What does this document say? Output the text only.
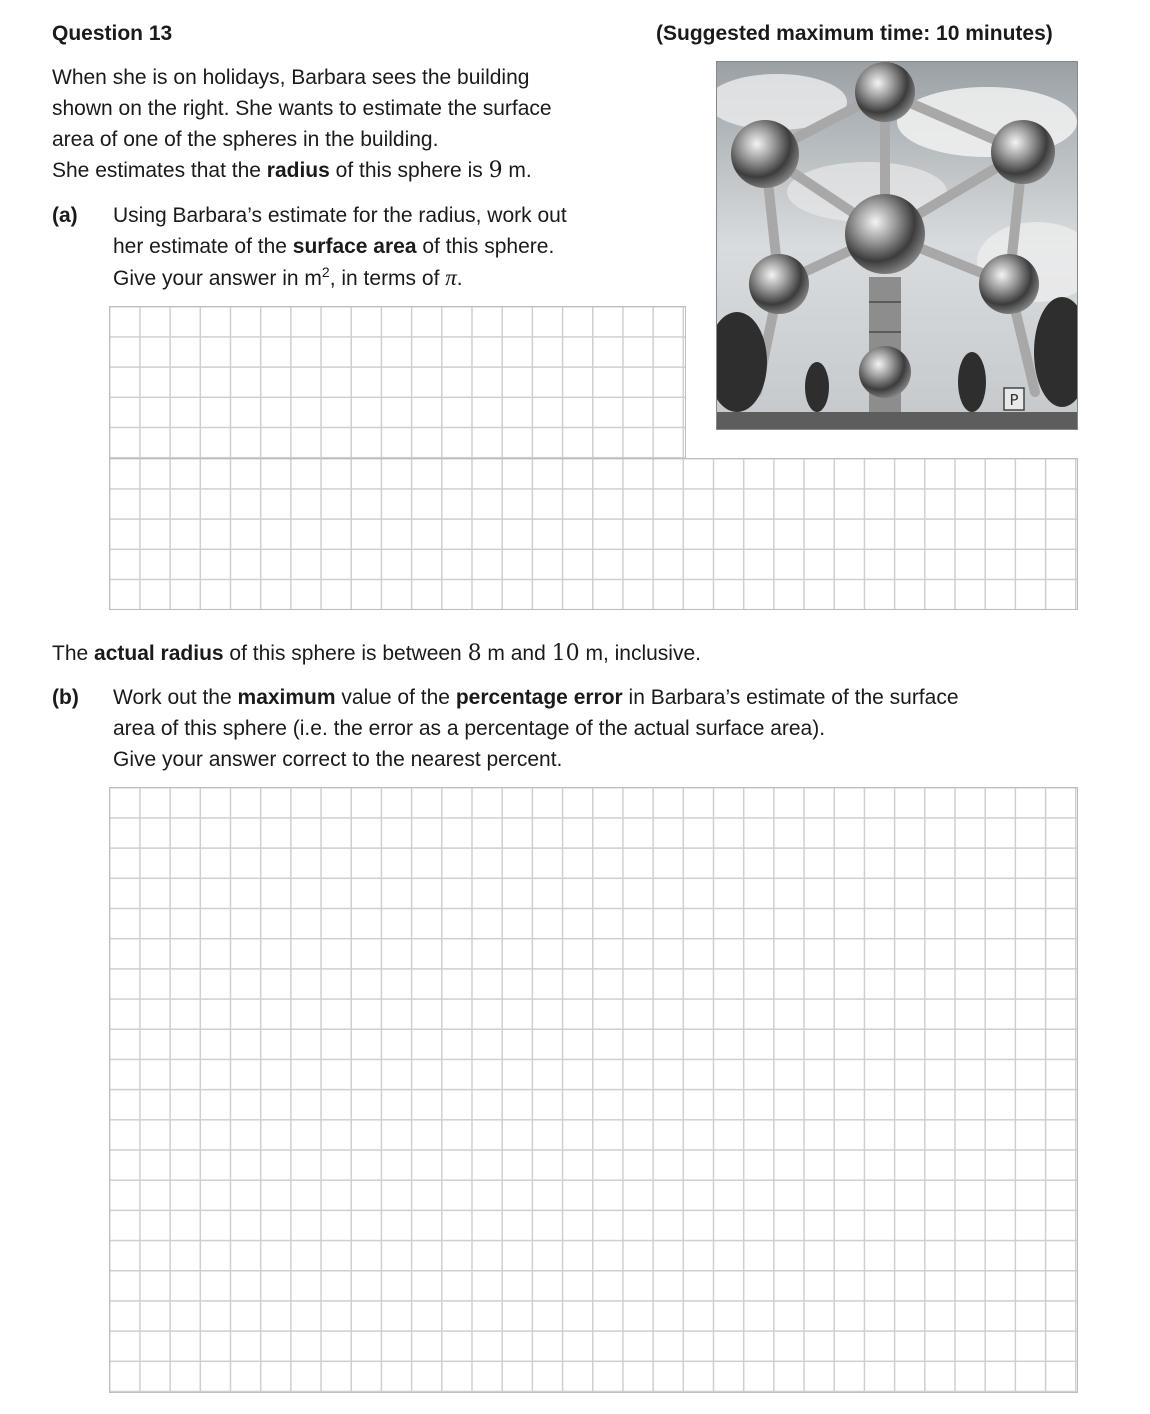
Question 13	(Suggested maximum time: 10 minutes)
When she is on holidays, Barbara sees the building
shown on the right. She wants to estimate the surface
area of one of the spheres in the building.
She estimates that the radius of this sphere is 9 m.
(a) Using Barbara’s estimate for the radius, work out
her estimate of the surface area of this sphere.
Give your answer in $m^2$, in terms of π.
P
The actual radius of this sphere is between 8 m and 10 m, inclusive.
(b) Work out the maximum value of the percentage error in Barbara’s estimate of the surface
area of this sphere (i.e. the error as a percentage of the actual surface area).
Give your answer correct to the nearest percent.
